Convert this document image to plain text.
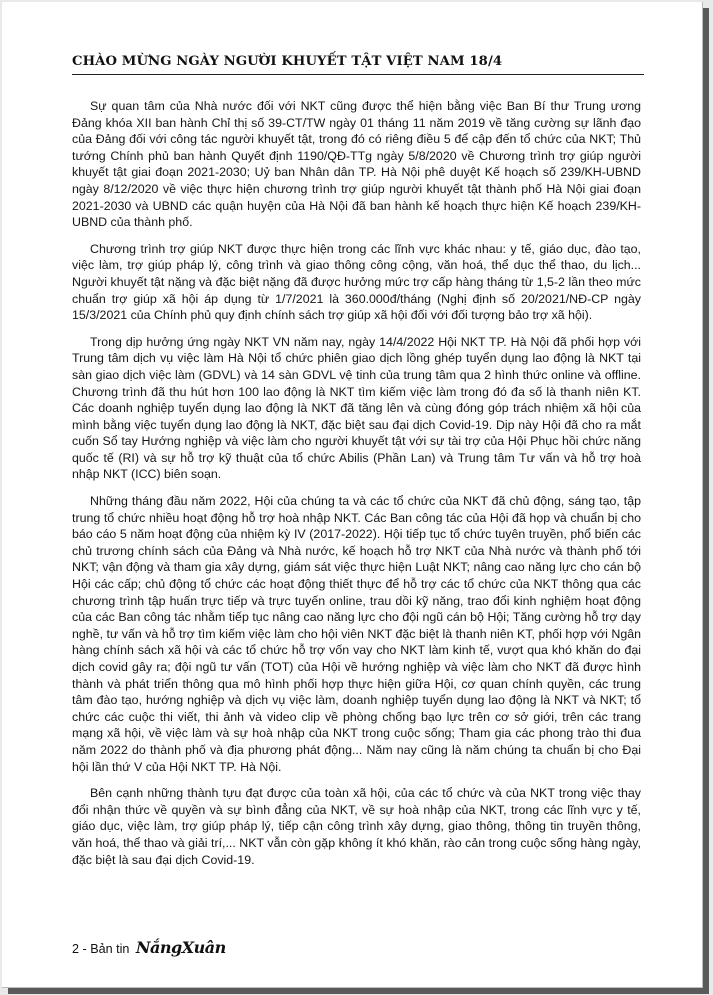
CHÀO MỪNG NGÀY NGƯỜI KHUYẾT TẬT VIỆT NAM 18/4

Sự quan tâm của Nhà nước đối với NKT cũng được thể hiện bằng việc Ban Bí thư Trung ương Đảng khóa XII ban hành Chỉ thị số 39-CT/TW ngày 01 tháng 11 năm 2019 về tăng cường sự lãnh đạo của Đảng đối với công tác người khuyết tật, trong đó có riêng điều 5 để cập đến tổ chức của NKT; Thủ tướng Chính phủ ban hành Quyết định 1190/QĐ-TTg ngày 5/8/2020 về Chương trình trợ giúp người khuyết tật giai đoạn 2021-2030; Uỷ ban Nhân dân TP. Hà Nội phê duyệt Kế hoạch số 239/KH-UBND ngày 8/12/2020 về việc thực hiện chương trình trợ giúp người khuyết tật thành phố Hà Nội giai đoạn 2021-2030 và UBND các quận huyện của Hà Nội đã ban hành kế hoạch thực hiện Kế hoạch 239/KH-UBND của thành phố.

Chương trình trợ giúp NKT được thực hiện trong các lĩnh vực khác nhau: y tế, giáo dục, đào tạo, việc làm, trợ giúp pháp lý, công trình và giao thông công cộng, văn hoá, thể dục thể thao, du lịch... Người khuyết tật nặng và đặc biệt nặng đã được hưởng mức trợ cấp hàng tháng từ 1,5-2 lần theo mức chuẩn trợ giúp xã hội áp dụng từ 1/7/2021 là 360.000đ/tháng (Nghị định số 20/2021/NĐ-CP ngày 15/3/2021 của Chính phủ quy định chính sách trợ giúp xã hội đối với đối tượng bảo trợ xã hội).

Trong dịp hưởng ứng ngày NKT VN năm nay, ngày 14/4/2022 Hội NKT TP. Hà Nội đã phối hợp với Trung tâm dịch vụ việc làm Hà Nội tổ chức phiên giao dịch lồng ghép tuyển dụng lao động là NKT tại sàn giao dịch việc làm (GDVL) và 14 sàn GDVL vệ tinh của trung tâm qua 2 hình thức online và offline. Chương trình đã thu hút hơn 100 lao động là NKT tìm kiếm việc làm trong đó đa số là thanh niên KT. Các doanh nghiệp tuyển dụng lao động là NKT đã tăng lên và cùng đóng góp trách nhiệm xã hội của mình bằng việc tuyển dụng lao động là NKT, đặc biệt sau đại dịch Covid-19. Dịp này Hội đã cho ra mắt cuốn Sổ tay Hướng nghiệp và việc làm cho người khuyết tật với sự tài trợ của Hội Phục hồi chức năng quốc tế (RI) và sự hỗ trợ kỹ thuật của tổ chức Abilis (Phần Lan) và Trung tâm Tư vấn và hỗ trợ hoà nhập NKT (ICC) biên soạn.

Những tháng đầu năm 2022, Hội của chúng ta và các tổ chức của NKT đã chủ động, sáng tạo, tập trung tổ chức nhiều hoạt động hỗ trợ hoà nhập NKT. Các Ban công tác của Hội đã họp và chuẩn bị cho báo cáo 5 năm hoạt động của nhiệm kỳ IV (2017-2022). Hội tiếp tục tổ chức tuyên truyền, phổ biến các chủ trương chính sách của Đảng và Nhà nước, kế hoạch hỗ trợ NKT của Nhà nước và thành phố tới NKT; vận động và tham gia xây dựng, giám sát việc thực hiện Luật NKT; nâng cao năng lực cho cán bộ Hội các cấp; chủ động tổ chức các hoạt động thiết thực để hỗ trợ các tổ chức của NKT thông qua các chương trình tập huấn trực tiếp và trực tuyến online, trau dồi kỹ năng, trao đổi kinh nghiệm hoạt động của các Ban công tác nhằm tiếp tục nâng cao năng lực cho đội ngũ cán bộ Hội; Tăng cường hỗ trợ dạy nghề, tư vấn và hỗ trợ tìm kiếm việc làm cho hội viên NKT đặc biệt là thanh niên KT, phối hợp với Ngân hàng chính sách xã hội và các tổ chức hỗ trợ vốn vay cho NKT làm kinh tế, vượt qua khó khăn do đại dịch covid gây ra; đội ngũ tư vấn (TOT) của Hội về hướng nghiệp và việc làm cho NKT đã được hình thành và phát triển thông qua mô hình phối hợp thực hiện giữa Hội, cơ quan chính quyền, các trung tâm đào tạo, hướng nghiệp và dịch vụ việc làm, doanh nghiệp tuyển dụng lao động là NKT và NKT; tổ chức các cuộc thi viết, thi ảnh và video clip về phòng chống bạo lực trên cơ sở giới, trên các trang mạng xã hội, về việc làm và sự hoà nhập của NKT trong cuộc sống; Tham gia các phong trào thi đua năm 2022 do thành phố và địa phương phát động... Năm nay cũng là năm chúng ta chuẩn bị cho Đại hội lần thứ V của Hội NKT TP. Hà Nội.

Bên cạnh những thành tựu đạt được của toàn xã hội, của các tổ chức và của NKT trong việc thay đổi nhận thức về quyền và sự bình đẳng của NKT, về sự hoà nhập của NKT, trong các lĩnh vực y tế, giáo dục, việc làm, trợ giúp pháp lý, tiếp cận công trình xây dựng, giao thông, thông tin truyền thông, văn hoá, thể thao và giải trí,... NKT vẫn còn gặp không ít khó khăn, rào cản trong cuộc sống hàng ngày, đặc biệt là sau đại dịch Covid-19.

2 - Bản tin NắngXuân
